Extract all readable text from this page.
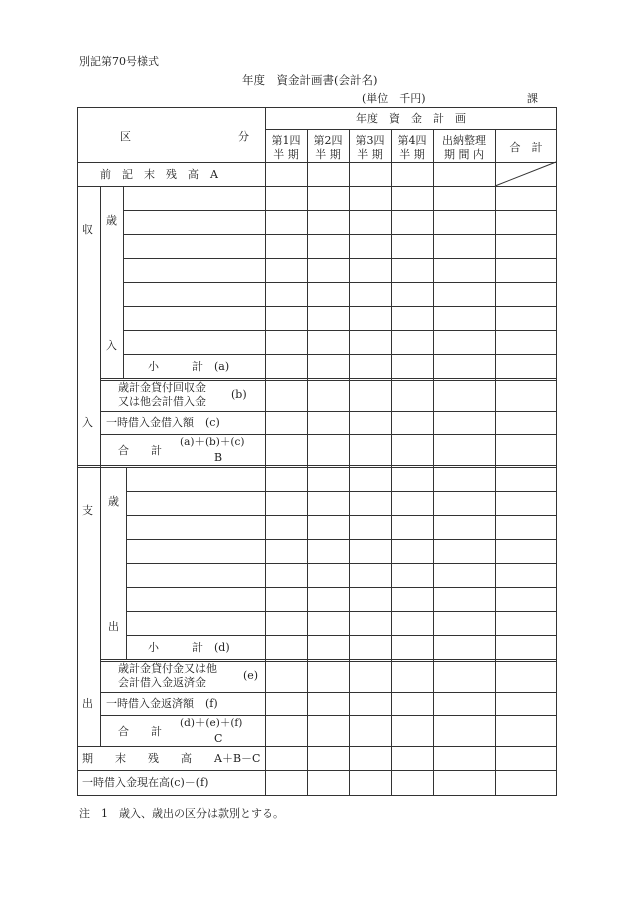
別記第70号様式
年度　資金計画書(会計名)
(単位　千円)	課
区	分
年度　資　金　計　画
第1四
半 期
第2四
半 期
第3四
半 期
第4四
半 期
出納整理
期 間 内
合　計
前　記　末　残　高　A
収
入
歳
入
小　　　計　(a)
歳計金貸付回収金
又は他会計借入金
(b)
一時借入金借入額　(c)
合　　計
(a)＋(b)＋(c)
B
支
出
歳
出
小　　　計　(d)
歳計金貸付金又は他
会計借入金返済金
(e)
一時借入金返済額　(f)
合　　計
(d)＋(e)＋(f)
C
期　　末　　残　　高　　A＋B－C
一時借入金現在高(c)－(f)
注　1　歳入、歳出の区分は款別とする。
